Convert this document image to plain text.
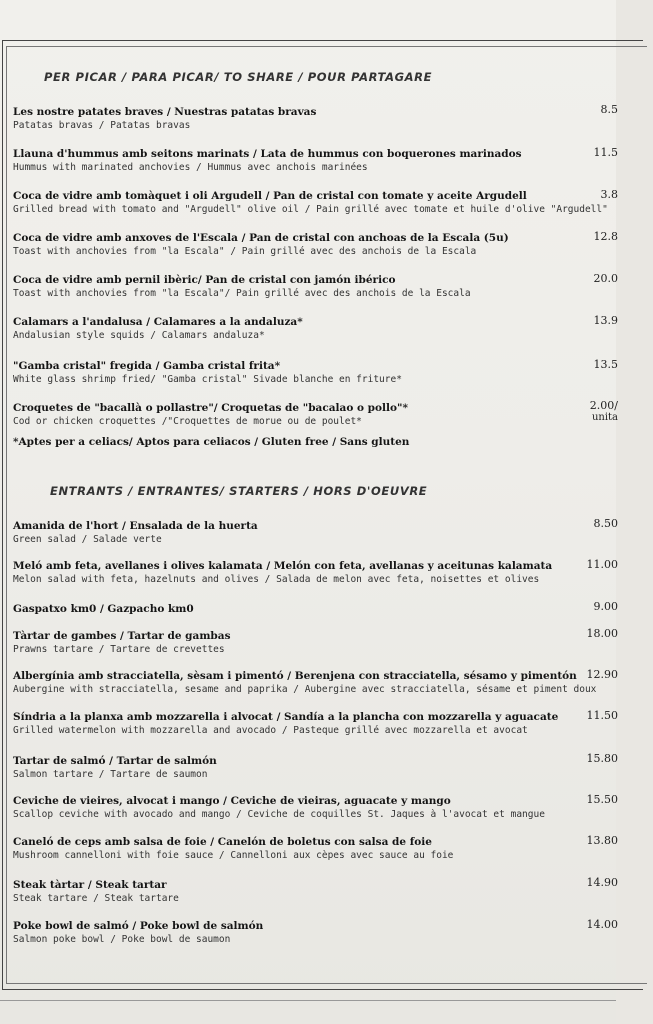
PER PICAR / PARA PICAR/ TO SHARE / POUR PARTAGARE
Les nostre patates braves / Nuestras patatas bravas
Patatas bravas / Patatas bravas
8.5
Llauna d'hummus amb seitons marinats / Lata de hummus con boquerones marinados
Hummus with marinated anchovies / Hummus avec anchois marinées
11.5
Coca de vidre amb tomàquet i oli Argudell / Pan de cristal con tomate y aceite Argudell
Grilled bread with tomato and "Argudell" olive oil / Pain grillé avec tomate et huile d'olive "Argudell"
3.8
Coca de vidre amb anxoves de l'Escala / Pan de cristal con anchoas de la Escala (5u)
Toast with anchovies from "la Escala" / Pain grillé avec des anchois de la Escala
12.8
Coca de vidre amb pernil ibèric/ Pan de cristal con jamón ibérico
Toast with anchovies from "la Escala"/ Pain grillé avec des anchois de la Escala
20.0
Calamars a l'andalusa / Calamares a la andaluza*
Andalusian style squids / Calamars andaluza*
13.9
"Gamba cristal" fregida / Gamba cristal frita*
White glass shrimp fried/ "Gamba cristal" Sivade blanche en friture*
13.5
Croquetes de "bacallà o pollastre"/ Croquetas de "bacalao o pollo"*
Cod or chicken croquettes /"Croquettes de morue ou de poulet*
2.00/
unita
*Aptes per a celiacs/ Aptos para celiacos / Gluten free / Sans gluten
ENTRANTS / ENTRANTES/ STARTERS / HORS D'OEUVRE
Amanida de l'hort / Ensalada de la huerta
Green salad / Salade verte
8.50
Meló amb feta, avellanes i olives kalamata / Melón con feta, avellanas y aceitunas kalamata
Melon salad with feta, hazelnuts and olives / Salada de melon avec feta, noisettes et olives
11.00
Gaspatxo km0 / Gazpacho km0	9.00
Tàrtar de gambes / Tartar de gambas
Prawns tartare / Tartare de crevettes
18.00
Albergínia amb stracciatella, sèsam i pimentó / Berenjena con stracciatella, sésamo y pimentón
Aubergine with stracciatella, sesame and paprika / Aubergine avec stracciatella, sésame et piment doux
12.90
Síndria a la planxa amb mozzarella i alvocat / Sandía a la plancha con mozzarella y aguacate
Grilled watermelon with mozzarella and avocado / Pasteque grillé avec mozzarella et avocat
11.50
Tartar de salmó / Tartar de salmón
Salmon tartare / Tartare de saumon
15.80
Ceviche de vieires, alvocat i mango / Ceviche de vieiras, aguacate y mango
Scallop ceviche with avocado and mango / Ceviche de coquilles St. Jaques à l'avocat et mangue
15.50
Caneló de ceps amb salsa de foie / Canelón de boletus con salsa de foie
Mushroom cannelloni with foie sauce / Cannelloni aux cèpes avec sauce au foie
13.80
Steak tàrtar / Steak tartar
Steak tartare / Steak tartare
14.90
Poke bowl de salmó / Poke bowl de salmón
Salmon poke bowl / Poke bowl de saumon
14.00
